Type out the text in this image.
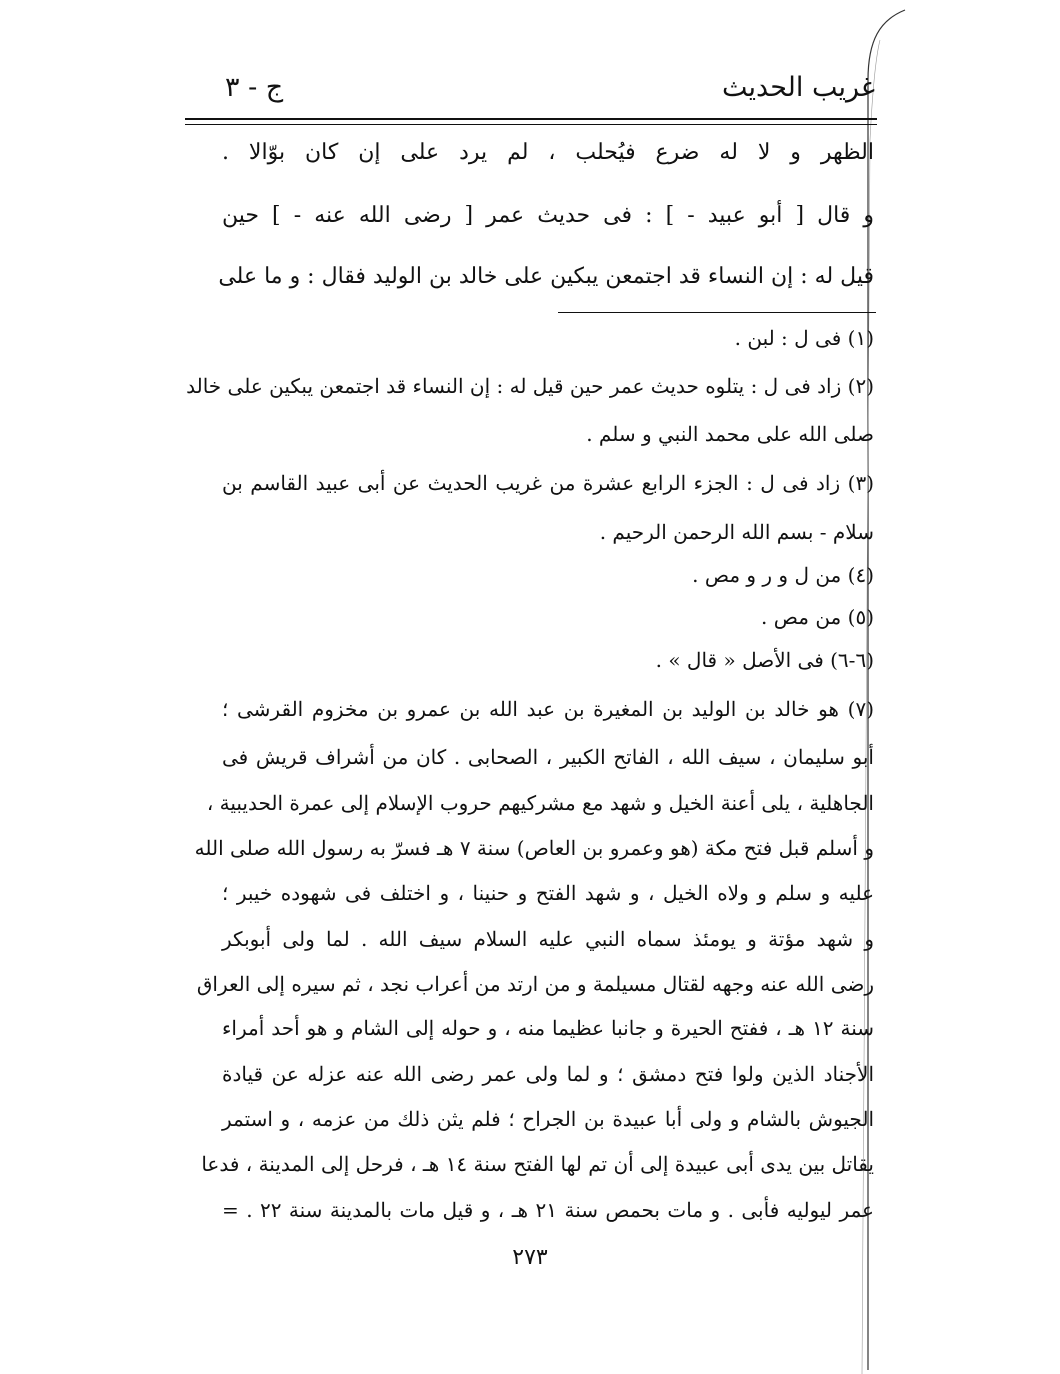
غريب الحديث
ج - ٣
الظهر و لا له ضرع فيُحلب ، لم يرد على إن كان بوّالا .
و قال [ أبو عبيد - ] : فى حديث عمر [ رضى الله عنه - ] حين
قيل له : إن النساء قد اجتمعن يبكين على خالد بن الوليد فقال : و ما على
(١) فى ل : لبن .
(٢) زاد فى ل : يتلوه حديث عمر حين قيل له : إن النساء قد اجتمعن يبكين على خالد
صلى الله على محمد النبي و سلم .
(٣) زاد فى ل : الجزء الرابع عشرة من غريب الحديث عن أبى عبيد القاسم بن
سلام - بسم الله الرحمن الرحيم .
(٤) من ل و ر و مص .
(٥) من مص .
(٦-٦) فى الأصل « قال » .
(٧) هو خالد بن الوليد بن المغيرة بن عبد الله بن عمرو بن مخزوم القرشى ؛
أبو سليمان ، سيف الله ، الفاتح الكبير ، الصحابى . كان من أشراف قريش فى
الجاهلية ، يلى أعنة الخيل و شهد مع مشركيهم حروب الإسلام إلى عمرة الحديبية ،
و أسلم قبل فتح مكة (هو وعمرو بن العاص) سنة ٧ هـ فسرّ به رسول الله صلى الله
عليه و سلم و ولاه الخيل ، و شهد الفتح و حنينا ، و اختلف فى شهوده خيبر ؛
و شهد مؤتة و يومئذ سماه النبي عليه السلام سيف الله . لما ولى أبوبكر
رضى الله عنه وجهه لقتال مسيلمة و من ارتد من أعراب نجد ، ثم سيره إلى العراق
سنة ١٢ هـ ، ففتح الحيرة و جانبا عظيما منه ، و حوله إلى الشام و هو أحد أمراء
الأجناد الذين ولوا فتح دمشق ؛ و لما ولى عمر رضى الله عنه عزله عن قيادة
الجيوش بالشام و ولى أبا عبيدة بن الجراح ؛ فلم يثن ذلك من عزمه ، و استمر
يقاتل بين يدى أبى عبيدة إلى أن تم لها الفتح سنة ١٤ هـ ، فرحل إلى المدينة ، فدعا
عمر ليوليه فأبى . و مات بحمص سنة ٢١ هـ ، و قيل مات بالمدينة سنة ٢٢ . =
٢٧٣
